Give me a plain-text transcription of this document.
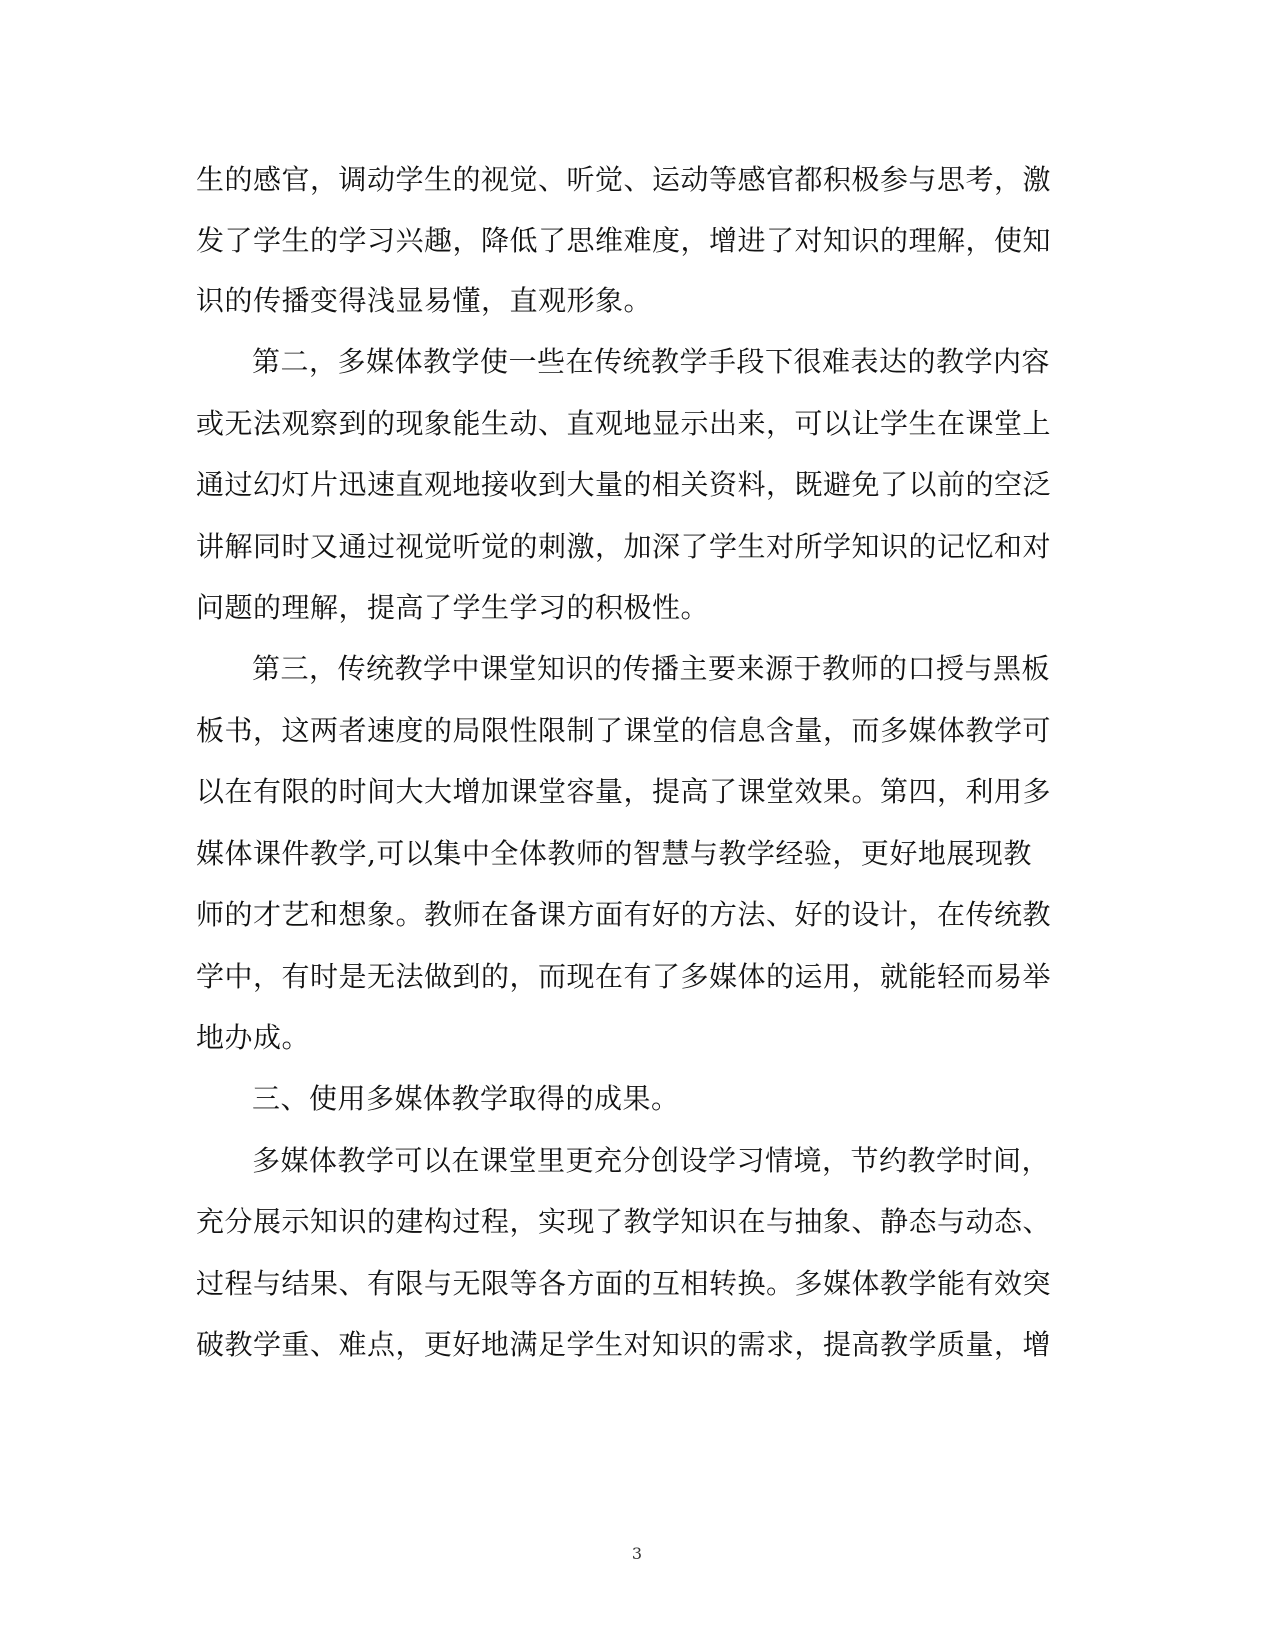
生的感官，调动学生的视觉、听觉、运动等感官都积极参与思考，激
发了学生的学习兴趣，降低了思维难度，增进了对知识的理解，使知
识的传播变得浅显易懂，直观形象。
第二，多媒体教学使一些在传统教学手段下很难表达的教学内容
或无法观察到的现象能生动、直观地显示出来，可以让学生在课堂上
通过幻灯片迅速直观地接收到大量的相关资料，既避免了以前的空泛
讲解同时又通过视觉听觉的刺激，加深了学生对所学知识的记忆和对
问题的理解，提高了学生学习的积极性。
第三，传统教学中课堂知识的传播主要来源于教师的口授与黑板
板书，这两者速度的局限性限制了课堂的信息含量，而多媒体教学可
以在有限的时间大大增加课堂容量，提高了课堂效果。第四，利用多
媒体课件教学,可以集中全体教师的智慧与教学经验，更好地展现教
师的才艺和想象。教师在备课方面有好的方法、好的设计，在传统教
学中，有时是无法做到的，而现在有了多媒体的运用，就能轻而易举
地办成。
三、使用多媒体教学取得的成果。
多媒体教学可以在课堂里更充分创设学习情境，节约教学时间，
充分展示知识的建构过程，实现了教学知识在与抽象、静态与动态、
过程与结果、有限与无限等各方面的互相转换。多媒体教学能有效突
破教学重、难点，更好地满足学生对知识的需求，提高教学质量，增
3
